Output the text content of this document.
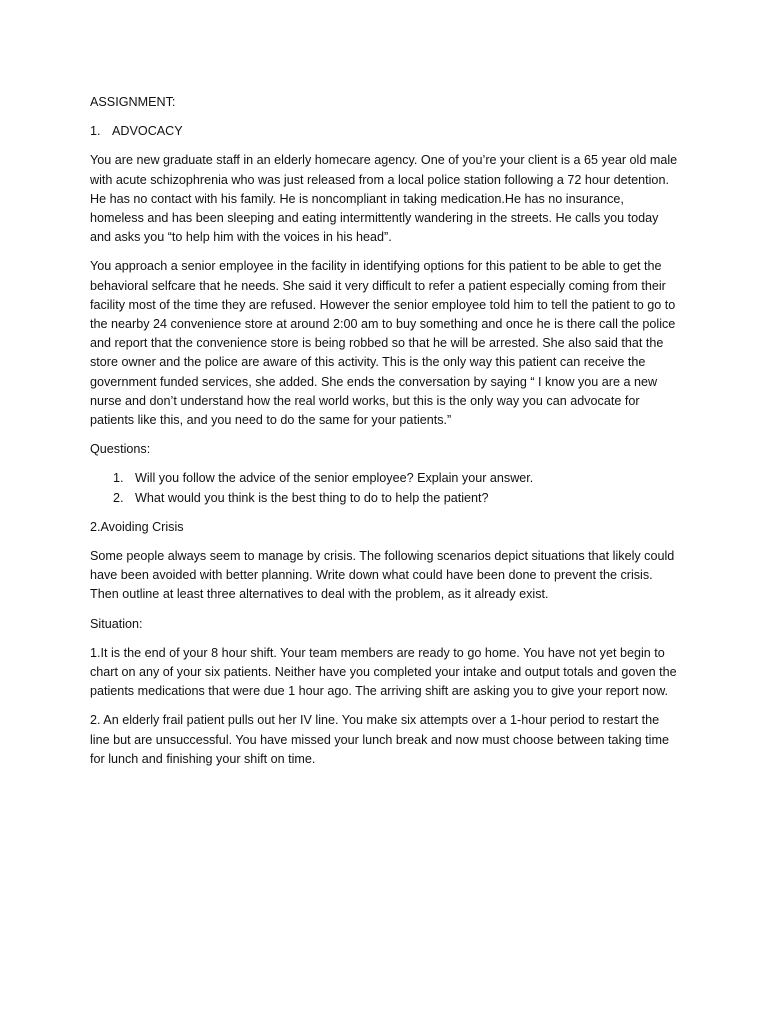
ASSIGNMENT:

1. ADVOCACY

You are new graduate staff in an elderly homecare agency. One of you’re your client is a 65 year old male with acute schizophrenia who was just released from a local police station following a 72 hour detention. He has no contact with his family. He is noncompliant in taking medication.He has no insurance, homeless and has been sleeping and eating intermittently wandering in the streets. He calls you today and asks you “to help him with the voices in his head”.

You approach a senior employee in the facility in identifying options for this patient to be able to get the behavioral selfcare that he needs. She said it very difficult to refer a patient especially coming from their facility most of the time they are refused. However the senior employee told him to tell the patient to go to the nearby 24 convenience store at around 2:00 am to buy something and once he is there call the police and report that the convenience store is being robbed so that he will be arrested. She also said that the store owner and the police are aware of this activity. This is the only way this patient can receive the government funded services, she added. She ends the conversation by saying “ I know you are a new nurse and don’t understand how the real world works, but this is the only way you can advocate for patients like this, and you need to do the same for your patients.”

Questions:

1. Will you follow the advice of the senior employee? Explain your answer.
2. What would you think is the best thing to do to help the patient?

2.Avoiding Crisis

Some people always seem to manage by crisis. The following scenarios depict situations that likely could have been avoided with better planning. Write down what could have been done to prevent the crisis. Then outline at least three alternatives to deal with the problem, as it already exist.

Situation:

1.It is the end of your 8 hour shift. Your team members are ready to go home. You have not yet begin to chart on any of your six patients. Neither have you completed your intake and output totals and goven the patients medications that were due 1 hour ago. The arriving shift are asking you to give your report now.

2. An elderly frail patient pulls out her IV line. You make six attempts over a 1-hour period to restart the line but are unsuccessful. You have missed your lunch break and now must choose between taking time for lunch and finishing your shift on time.
